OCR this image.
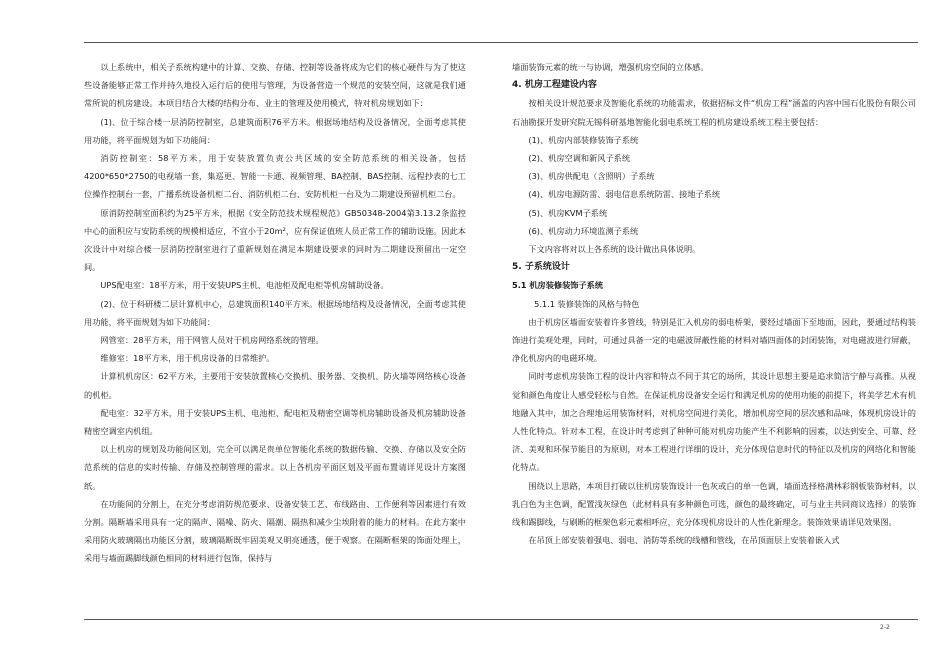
以上系统中，相关子系统构建中的计算、交换、存储、控制等设备将成为它们的核心硬件与为了使这些设备能够正常工作并持久地投入运行后的使用与管理，为设备营造一个规范的安装空间，这就是我们通常所说的机房建设。本项目结合大楼的结构分布、业主的管理及使用模式，特对机房规划如下：

(1)、位于综合楼一层消防控制室，总建筑面积76平方米。根据场地结构及设备情况，全面考虑其使用功能，将平面规划为如下功能间：

消防控制室：58平方米，用于安装放置负责公共区域的安全防范系统的相关设备，包括4200*650*2750的电视墙一套，集巡更、智能一卡通、视频管理、BA控制、BAS控制、远程抄表的七工位操作控制台一套，广播系统设备机柜二台、消防机柜二台、安防机柜一台及为二期建设预留机柜二台。

原消防控制室面积约为25平方米，根据《安全防范技术规程规范》GB50348-2004第3.13.2条监控中心的面积应与安防系统的规模相适应，不宜小于20m²，应有保证值班人员正常工作的辅助设施。因此本次设计中对综合楼一层消防控制室进行了重新规划在满足本期建设要求的同时为二期建设预留出一定空间。

UPS配电室：18平方米，用于安装UPS主机、电池柜及配电柜等机房辅助设备。

(2)、位于科研楼二层计算机中心，总建筑面积140平方米。根据场地结构及设备情况，全面考虑其使用功能，将平面规划为如下功能间：

网管室：28平方米，用于网管人员对于机房网络系统的管理。

维修室：18平方米，用于机房设备的日常维护。

计算机机房区：62平方米，主要用于安装放置核心交换机、服务器、交换机、防火墙等网络核心设备的机柜。

配电室：32平方米，用于安装UPS主机、电池柜、配电柜及精密空调等机房辅助设备及机房辅助设备精密空调室内机组。

以上机房的规划及功能间区划，完全可以满足贵单位智能化系统的数据传输、交换、存储以及安全防范系统的信息的实时传输、存储及控制管理的需求。以上各机房平面区划及平面布置请详见设计方案图纸。

在功能间的分割上，在充分考虑消防规范要求、设备安装工艺、布线路由、工作便利等因素进行有效分割。隔断墙采用具有一定的隔声、隔噪、防火、隔潮、隔热和减少尘埃附着的能力的材料。在此方案中采用防火玻璃隔出功能区分割，玻璃隔断既牢固美观又明亮通透，便于观察。在隔断框架的饰面处理上，采用与墙面踢脚线颜色相同的材料进行包饰，保持与

墙面装饰元素的统一与协调，增强机房空间的立体感。

4. 机房工程建设内容

按相关设计规范要求及智能化系统的功能需求，依据招标文件“机房工程”涵盖的内容中国石化股份有限公司石油勘探开发研究院无锡科研基地智能化弱电系统工程的机房建设系统工程主要包括：

(1)、机房内部装修装饰子系统

(2)、机房空调和新风子系统

(3)、机房供配电（含照明）子系统

(4)、机房电源防雷、弱电信息系统防雷、接地子系统

(5)、机房KVM子系统

(6)、机房动力环境监测子系统

下文内容将对以上各系统的设计做出具体说明。

5. 子系统设计

5.1 机房装修装饰子系统

5.1.1 装修装饰的风格与特色

由于机房区墙面安装着许多管线，特别是汇入机房的弱电桥架，要经过墙面下至地面，因此，要通过结构装饰进行美观处理，同时，可通过具备一定的电磁波屏蔽性能的材料对墙四面体的封闭装饰，对电磁波进行屏蔽，净化机房内的电磁环境。

同时考虑机房装饰工程的设计内容和特点不同于其它的场所，其设计思想主要是追求简洁宁静与高雅。从视觉和颜色角度让人感受轻松与自然。在保证机房设备安全运行和满足机房的使用功能的前提下，将美学艺术有机地融入其中，加之合理地运用装饰材料，对机房空间进行美化，增加机房空间的层次感和品味，体现机房设计的人性化特点。针对本工程，在设计时考虑到了种种可能对机房功能产生不利影响的因素，以达到安全、可靠、经济、美观和环保节能目的为原则，对本工程进行详细的设计，充分体现信息时代的特征以及机房的网络化和智能化特点。

围绕以上思路，本项目打破以往机房装饰设计一色灰或白的单一色调，墙面选择格满林彩钢板装饰材料，以乳白色为主色调，配置浅灰绿色（此材料具有多种颜色可选，颜色的最终确定，可与业主共同商议选择）的装饰线和踢脚线，与刷断的框架色彩元素相呼应，充分体现机房设计的人性化新理念。装饰效果请详见效果图。

在吊顶上部安装着强电、弱电、消防等系统的线槽和管线，在吊顶面层上安装着嵌入式

2-2
